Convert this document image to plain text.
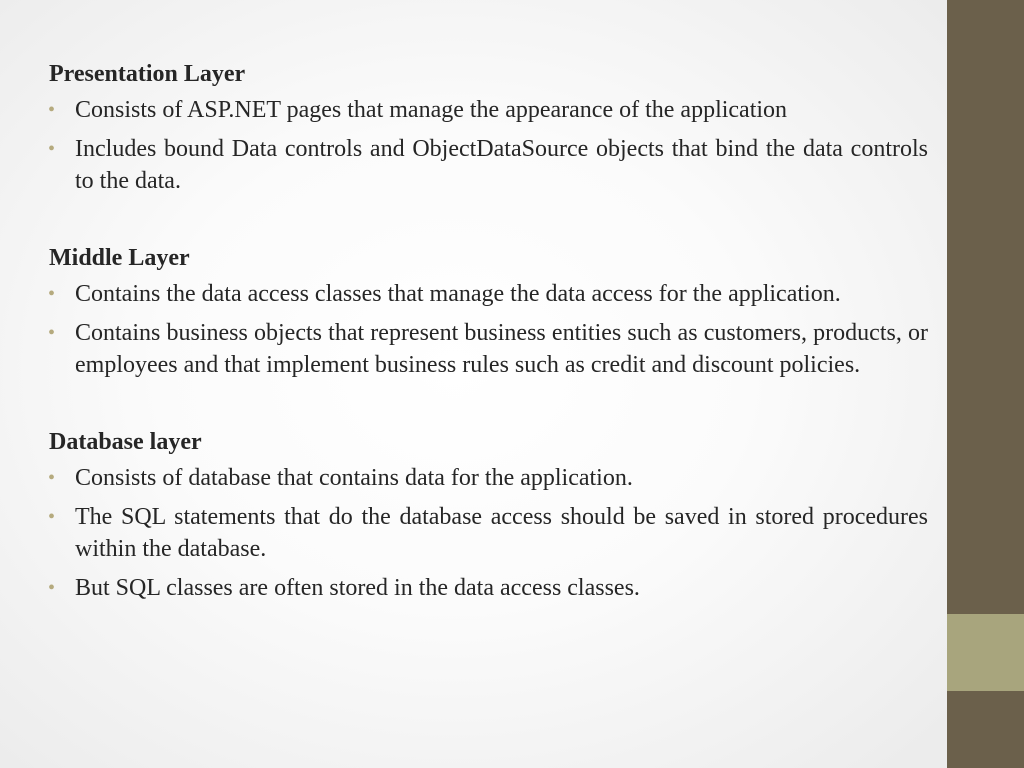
Presentation Layer
• Consists of ASP.NET pages that manage the appearance of the application
• Includes bound Data controls and ObjectDataSource objects that bind the data controls to the data.
Middle Layer
• Contains the data access classes that manage the data access for the application.
• Contains business objects that represent business entities such as customers, products, or employees and that implement business rules such as credit and discount policies.
Database layer
• Consists of database that contains data for the application.
• The SQL statements that do the database access should be saved in stored procedures within the database.
• But SQL classes are often stored in the data access classes.
